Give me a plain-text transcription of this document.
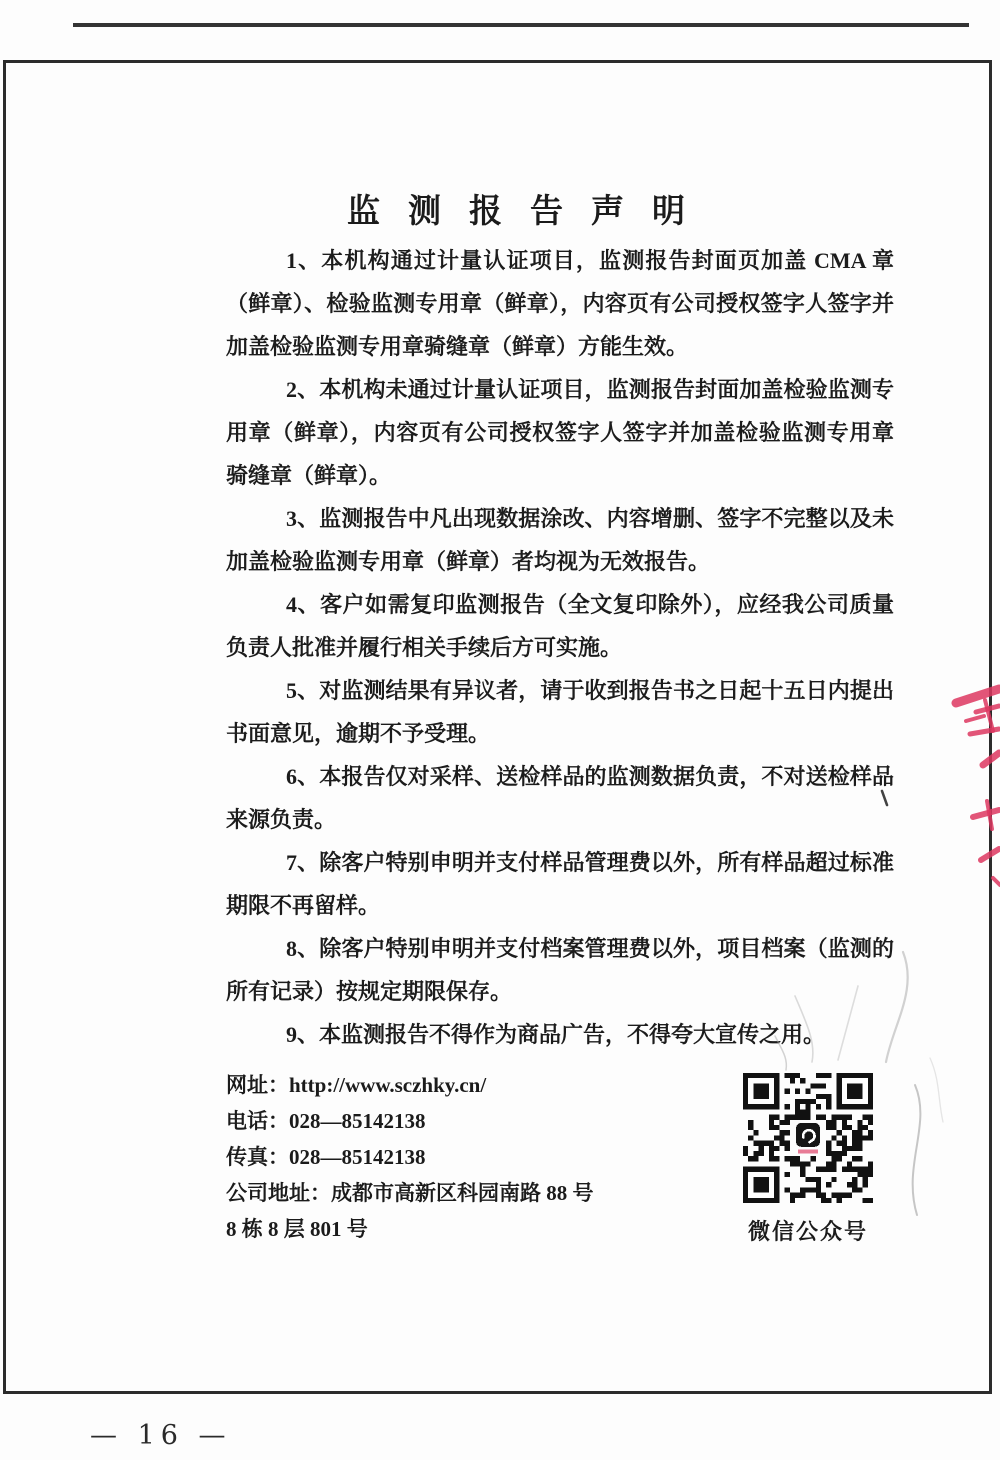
监测报告声明

1、本机构通过计量认证项目，监测报告封面页加盖 CMA 章（鲜章）、检验监测专用章（鲜章），内容页有公司授权签字人签字并加盖检验监测专用章骑缝章（鲜章）方能生效。

2、本机构未通过计量认证项目，监测报告封面加盖检验监测专用章（鲜章），内容页有公司授权签字人签字并加盖检验监测专用章骑缝章（鲜章）。

3、监测报告中凡出现数据涂改、内容增删、签字不完整以及未加盖检验监测专用章（鲜章）者均视为无效报告。

4、客户如需复印监测报告（全文复印除外），应经我公司质量负责人批准并履行相关手续后方可实施。

5、对监测结果有异议者，请于收到报告书之日起十五日内提出书面意见，逾期不予受理。

6、本报告仅对采样、送检样品的监测数据负责，不对送检样品来源负责。

7、除客户特别申明并支付样品管理费以外，所有样品超过标准期限不再留样。

8、除客户特别申明并支付档案管理费以外，项目档案（监测的所有记录）按规定期限保存。

9、本监测报告不得作为商品广告，不得夸大宣传之用。

网址：http://www.sczhky.cn/
电话：028—85142138
传真：028—85142138
公司地址：成都市高新区科园南路 88 号
8 栋 8 层 801 号	微信公众号
— 16 —
